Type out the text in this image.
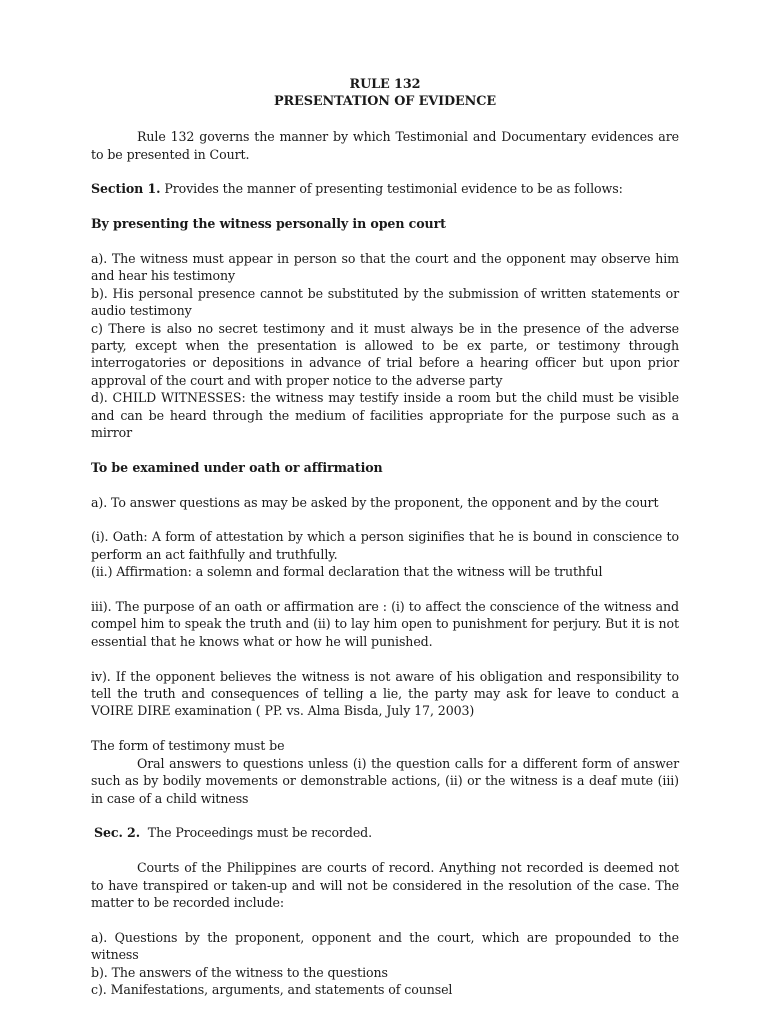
RULE 132

PRESENTATION OF EVIDENCE

Rule 132 governs the manner by which Testimonial and Documentary evidences are to be presented in Court.

Section 1. Provides the manner of presenting testimonial evidence to be as follows:

By presenting the witness personally in open court

a). The witness must appear in person so that the court and the opponent may observe him and hear his testimony

b). His personal presence cannot be substituted by the submission of written statements or audio testimony

c) There is also no secret testimony and it must always be in the presence of the adverse party, except when the presentation is allowed to be ex parte, or testimony through interrogatories or depositions in advance of trial before a hearing officer but upon prior approval of the court and with proper notice to the adverse party

d). CHILD WITNESSES: the witness may testify inside a room but the child must be visible and can be heard through the medium of facilities appropriate for the purpose such as a mirror

To be examined under oath or affirmation

a). To answer questions as may be asked by the proponent, the opponent and by the court

(i). Oath: A form of attestation by which a person siginifies that he is bound in conscience to perform an act faithfully and truthfully.

(ii.) Affirmation: a solemn and formal declaration that the witness will be truthful

iii). The purpose of an oath or affirmation are : (i) to affect the conscience of the witness and compel him to speak the truth and (ii) to lay him open to punishment for perjury. But it is not essential that he knows what or how he will punished.

iv). If the opponent believes the witness is not aware of his obligation and responsibility to tell the truth and consequences of telling a lie, the party may ask for leave to conduct a VOIRE DIRE examination ( PP. vs. Alma Bisda, July 17, 2003)

The form of testimony must be

Oral answers to questions unless (i) the question calls for a different form of answer such as by bodily movements or demonstrable actions, (ii) or the witness is a deaf mute (iii) in case of a child witness

Sec. 2.  The Proceedings must be recorded.

Courts of the Philippines are courts of record. Anything not recorded is deemed not to have transpired or taken-up and will not be considered in the resolution of the case. The matter to be recorded include:

a). Questions by the proponent, opponent and the court, which are propounded to the witness

b). The answers of the witness to the questions

c). Manifestations, arguments, and statements of counsel
